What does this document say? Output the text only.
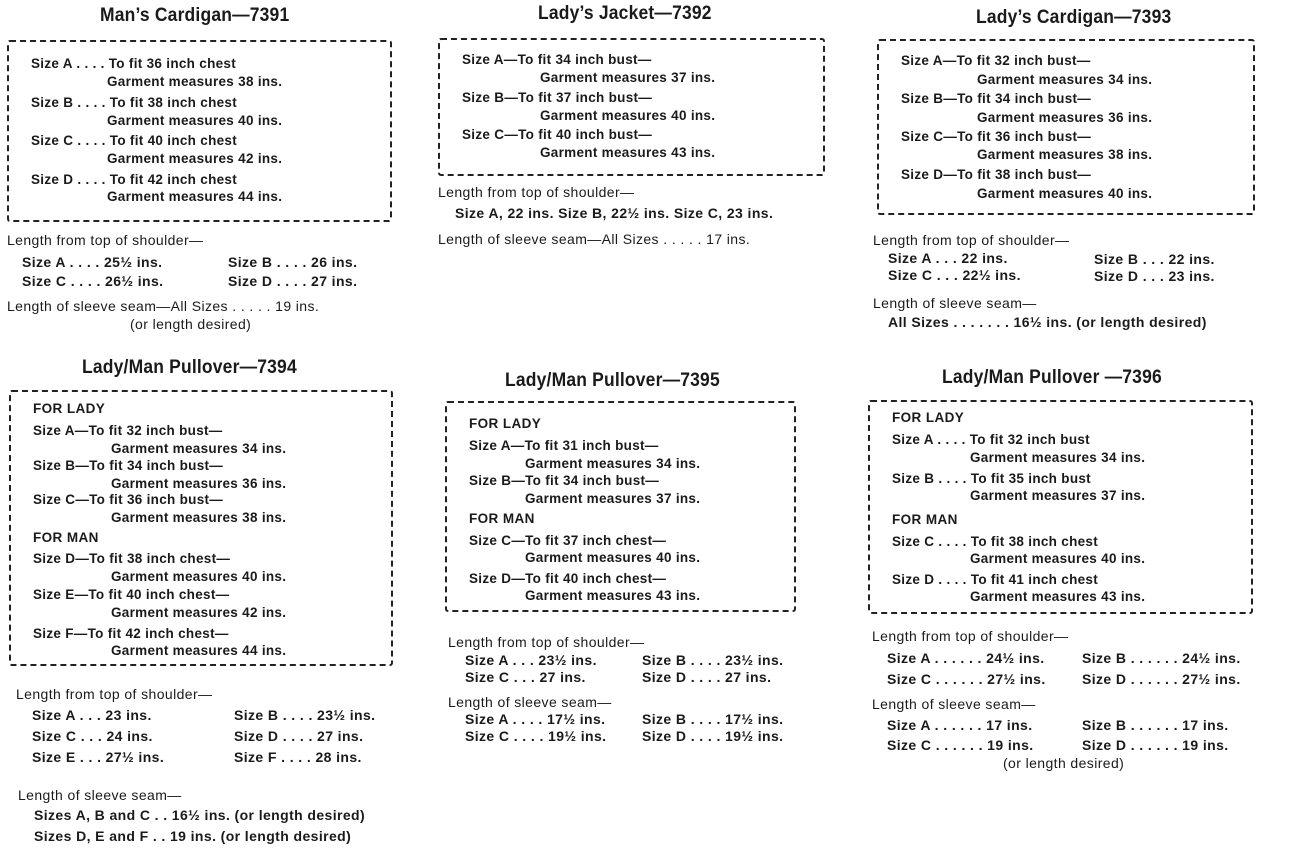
Man’s Cardigan—7391
Size A . . . . To fit 36 inch chest
Garment measures 38 ins.
Size B . . . . To fit 38 inch chest
Garment measures 40 ins.
Size C . . . . To fit 40 inch chest
Garment measures 42 ins.
Size D . . . . To fit 42 inch chest
Garment measures 44 ins.
Length from top of shoulder—
Size A . . . . 25½ ins.	Size B . . . . 26 ins.
Size C . . . . 26½ ins.	Size D . . . . 27 ins.
Length of sleeve seam—All Sizes . . . . . 19 ins.
(or length desired)
Lady’s Jacket—7392
Size A—To fit 34 inch bust—
Garment measures 37 ins.
Size B—To fit 37 inch bust—
Garment measures 40 ins.
Size C—To fit 40 inch bust—
Garment measures 43 ins.
Length from top of shoulder—
Size A, 22 ins. Size B, 22½ ins. Size C, 23 ins.
Length of sleeve seam—All Sizes . . . . . 17 ins.
Lady’s Cardigan—7393
Size A—To fit 32 inch bust—
Garment measures 34 ins.
Size B—To fit 34 inch bust—
Garment measures 36 ins.
Size C—To fit 36 inch bust—
Garment measures 38 ins.
Size D—To fit 38 inch bust—
Garment measures 40 ins.
Length from top of shoulder—
Size A . . . 22 ins.	Size B . . . 22 ins.
Size C . . . 22½ ins.	Size D . . . 23 ins.
Length of sleeve seam—
All Sizes . . . . . . . 16½ ins. (or length desired)
Lady/Man Pullover—7394
FOR LADY
Size A—To fit 32 inch bust—
Garment measures 34 ins.
Size B—To fit 34 inch bust—
Garment measures 36 ins.
Size C—To fit 36 inch bust—
Garment measures 38 ins.
FOR MAN
Size D—To fit 38 inch chest—
Garment measures 40 ins.
Size E—To fit 40 inch chest—
Garment measures 42 ins.
Size F—To fit 42 inch chest—
Garment measures 44 ins.
Length from top of shoulder—
Size A . . . 23 ins.	Size B . . . . 23½ ins.
Size C . . . 24 ins.	Size D . . . . 27 ins.
Size E . . . 27½ ins.	Size F . . . . 28 ins.
Length of sleeve seam—
Sizes A, B and C . . 16½ ins. (or length desired)
Sizes D, E and F . . 19 ins. (or length desired)
Lady/Man Pullover—7395
FOR LADY
Size A—To fit 31 inch bust—
Garment measures 34 ins.
Size B—To fit 34 inch bust—
Garment measures 37 ins.
FOR MAN
Size C—To fit 37 inch chest—
Garment measures 40 ins.
Size D—To fit 40 inch chest—
Garment measures 43 ins.
Length from top of shoulder—
Size A . . . 23½ ins.	Size B . . . . 23½ ins.
Size C . . . 27 ins.	Size D . . . . 27 ins.
Length of sleeve seam—
Size A . . . . 17½ ins.	Size B . . . . 17½ ins.
Size C . . . . 19½ ins.	Size D . . . . 19½ ins.
Lady/Man Pullover —7396
FOR LADY
Size A . . . . To fit 32 inch bust
Garment measures 34 ins.
Size B . . . . To fit 35 inch bust
Garment measures 37 ins.
FOR MAN
Size C . . . . To fit 38 inch chest
Garment measures 40 ins.
Size D . . . . To fit 41 inch chest
Garment measures 43 ins.
Length from top of shoulder—
Size A . . . . . . 24½ ins.	Size B . . . . . . 24½ ins.
Size C . . . . . . 27½ ins.	Size D . . . . . . 27½ ins.
Length of sleeve seam—
Size A . . . . . . 17 ins.	Size B . . . . . . 17 ins.
Size C . . . . . . 19 ins.	Size D . . . . . . 19 ins.
(or length desired)
